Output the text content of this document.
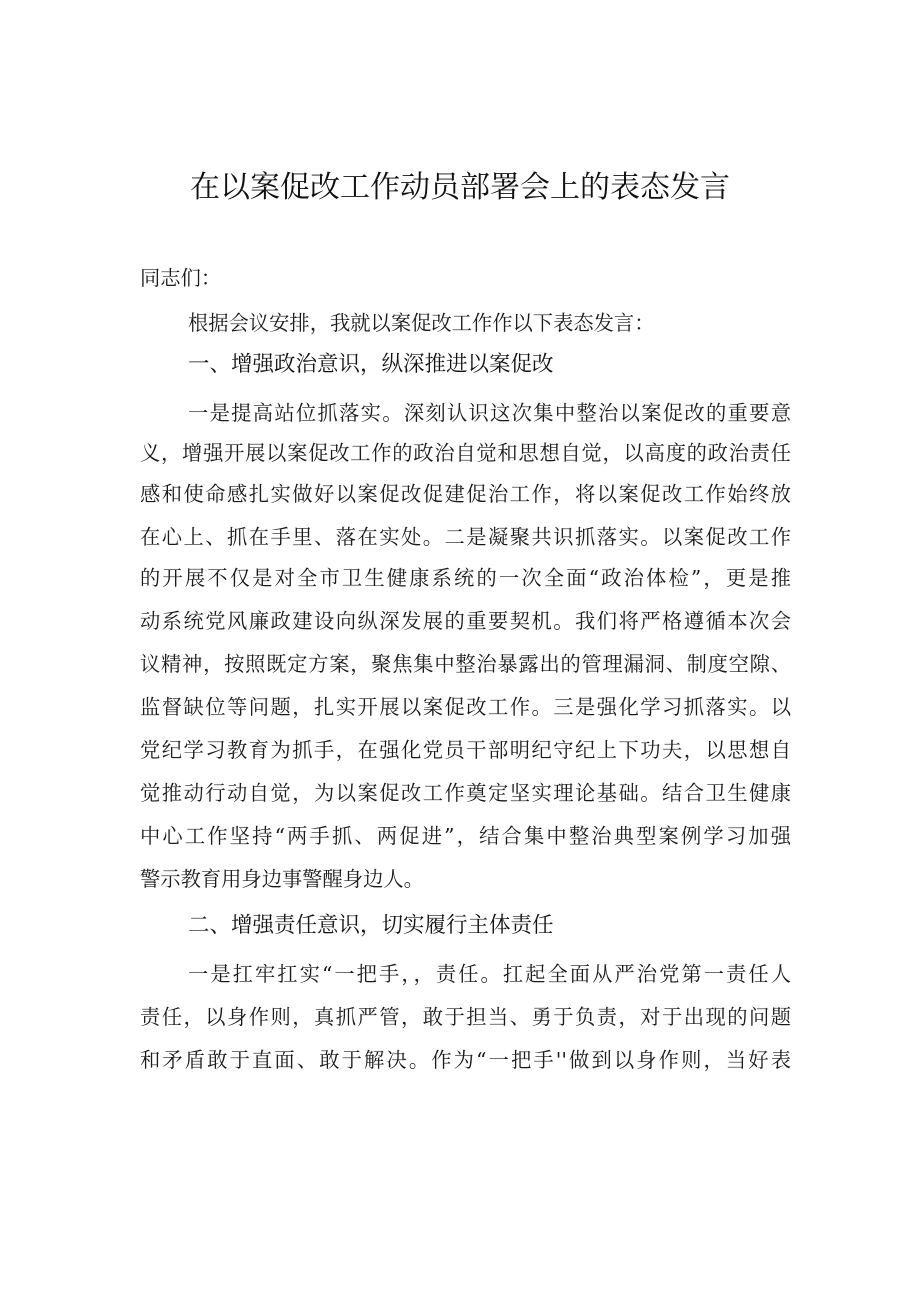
在以案促改工作动员部署会上的表态发言
同志们：
根据会议安排，我就以案促改工作作以下表态发言：
一、增强政治意识，纵深推进以案促改
一是提高站位抓落实。深刻认识这次集中整治以案促改的重要意
义，增强开展以案促改工作的政治自觉和思想自觉，以高度的政治责任
感和使命感扎实做好以案促改促建促治工作，将以案促改工作始终放
在心上、抓在手里、落在实处。二是凝聚共识抓落实。以案促改工作
的开展不仅是对全市卫生健康系统的一次全面“政治体检”，更是推
动系统党风廉政建设向纵深发展的重要契机。我们将严格遵循本次会
议精神，按照既定方案，聚焦集中整治暴露出的管理漏洞、制度空隙、
监督缺位等问题，扎实开展以案促改工作。三是强化学习抓落实。以
党纪学习教育为抓手，在强化党员干部明纪守纪上下功夫，以思想自
觉推动行动自觉，为以案促改工作奠定坚实理论基础。结合卫生健康
中心工作坚持“两手抓、两促进”，结合集中整治典型案例学习加强
警示教育用身边事警醒身边人。
二、增强责任意识，切实履行主体责任
一是扛牢扛实“一把手，，责任。扛起全面从严治党第一责任人
责任，以身作则，真抓严管，敢于担当、勇于负责，对于出现的问题
和矛盾敢于直面、敢于解决。作为“一把手''做到以身作则，当好表
